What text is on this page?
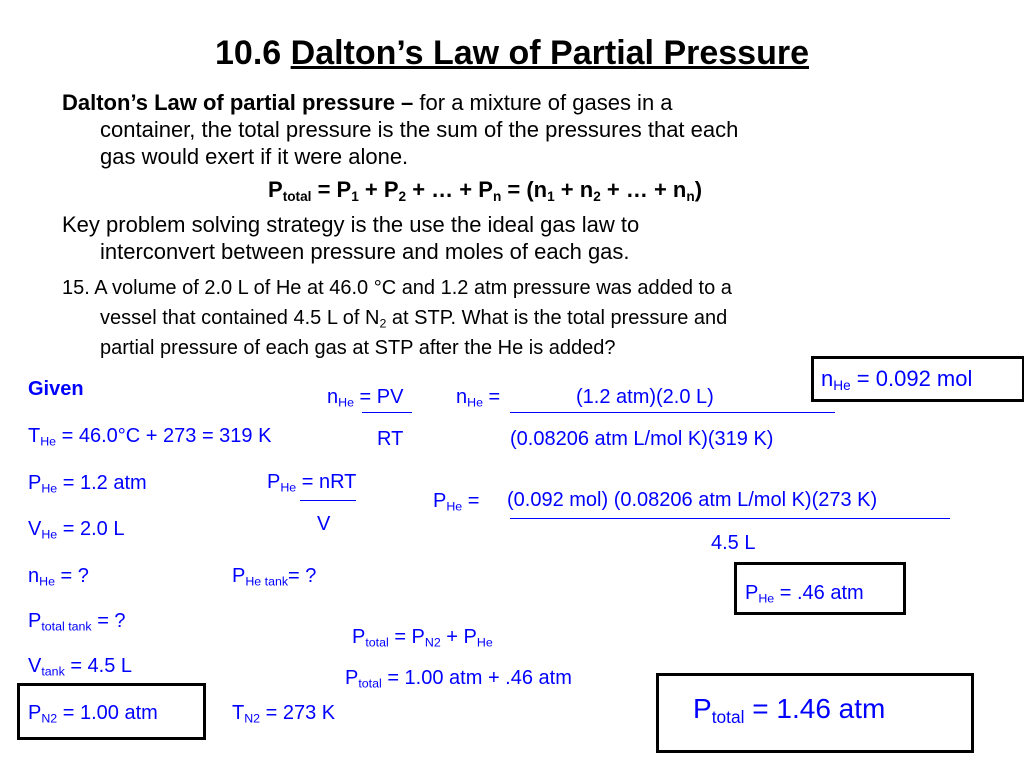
10.6 Dalton’s Law of Partial Pressure
Dalton’s Law of partial pressure – for a mixture of gases in a
container, the total pressure is the sum of the pressures that each
gas would exert if it were alone.
$P_{total} = P_1 + P_2$ + … + $P_n = (n_1 + n_2$ + … + $n_n$)
Key problem solving strategy is the use the ideal gas law to
interconvert between pressure and moles of each gas.
15. A volume of 2.0 L of He at 46.0 °C and 1.2 atm pressure was added to a
vessel that contained 4.5 L of $N_2$ at STP. What is the total pressure and
partial pressure of each gas at STP after the He is added?
Given
$T_{He} = 46.0^\circ C + 273 = 319$ K
$P_{He} = 1.2$ atm
$V_{He} = 2.0$ L
$n_{He}$ = ?
$P_{total tank}$ = ?
$V_{tank} = 4.5$ L
$P_{N2} = 1.00$ atm	$T_{N2} = 273$ K
$n_{He}$ = PV
RT
$n_{He}$ =	(1.2 atm)(2.0 L)
(0.08206 atm L/mol K)(319 K)
$n_{He} = 0.092$ mol
$P_{He}$ = nRT
V
$P_{He} = (0.092$ mol) (0.08206 atm L/mol K)(273 K)
4.5 L
$P_{He tank}=$ ?
$P_{He} = .46$ atm
$P_{total} = P_{N2} + P_{He}$
$P_{total} = 1.00$ atm + .46 atm
$P_{total} = 1.46$ atm
